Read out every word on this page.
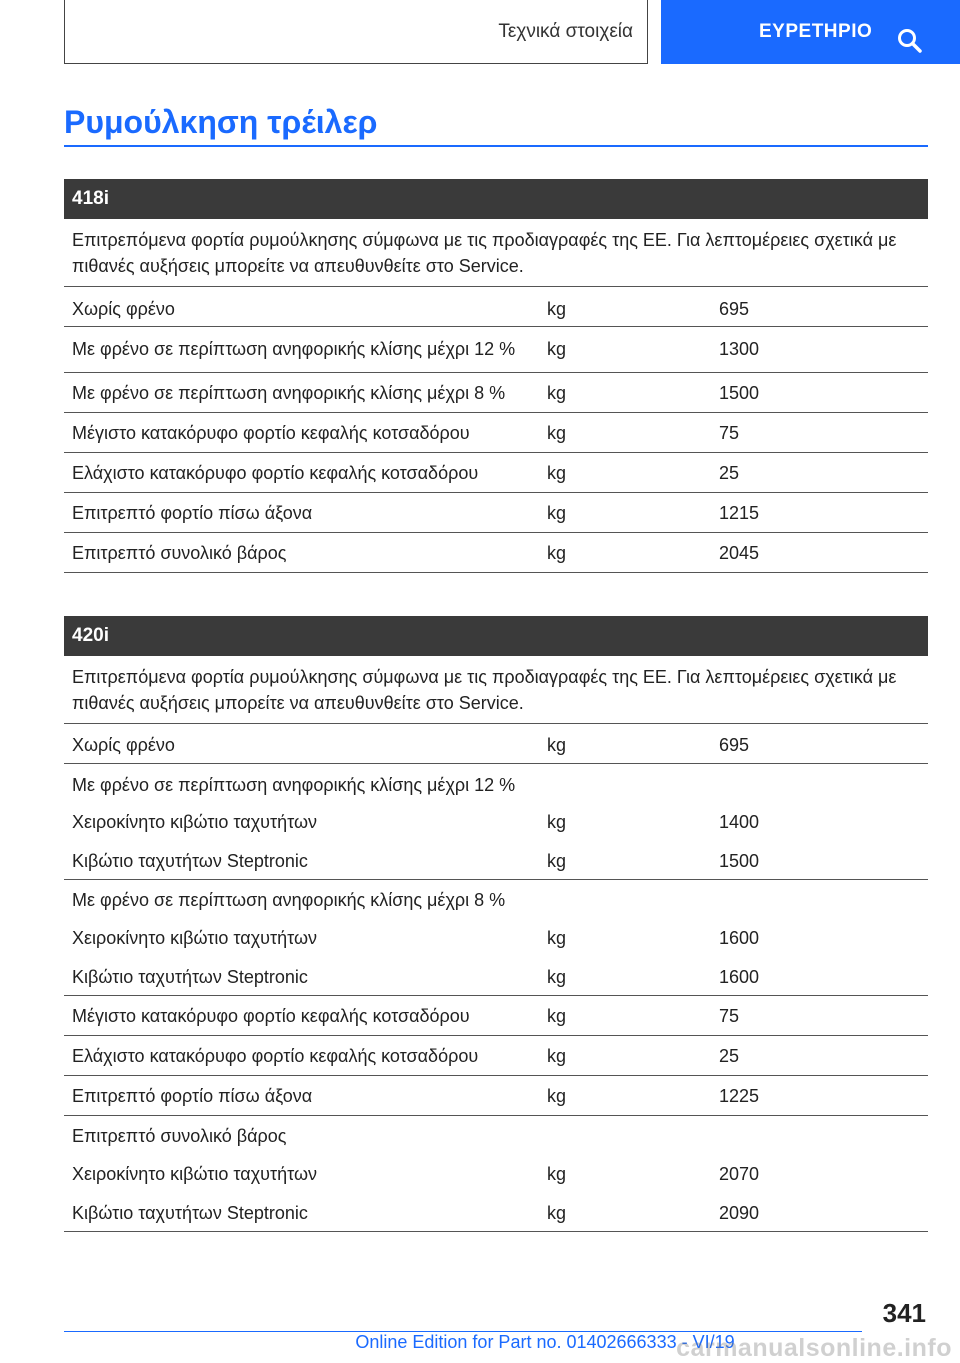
Τεχνικά στοιχεία	ΕΥΡΕΤΗΡΙΟ
Ρυμούλκηση τρέιλερ
418i
Επιτρεπόμενα φορτία ρυμούλκησης σύμφωνα με τις προδιαγραφές της ΕΕ. Για λεπτομέρειες σχετικά με πιθανές αυξήσεις μπορείτε να απευθυνθείτε στο Service.
Χωρίς φρένο	kg	695
Με φρένο σε περίπτωση ανηφορικής κλίσης μέχρι 12 %	kg	1300
Με φρένο σε περίπτωση ανηφορικής κλίσης μέχρι 8 %	kg	1500
Μέγιστο κατακόρυφο φορτίο κεφαλής κοτσαδόρου	kg	75
Ελάχιστο κατακόρυφο φορτίο κεφαλής κοτσαδόρου	kg	25
Επιτρεπτό φορτίο πίσω άξονα	kg	1215
Επιτρεπτό συνολικό βάρος	kg	2045
420i
Επιτρεπόμενα φορτία ρυμούλκησης σύμφωνα με τις προδιαγραφές της ΕΕ. Για λεπτομέρειες σχετικά με πιθανές αυξήσεις μπορείτε να απευθυνθείτε στο Service.
Χωρίς φρένο	kg	695
Με φρένο σε περίπτωση ανηφορικής κλίσης μέχρι 12 %
Χειροκίνητο κιβώτιο ταχυτήτων	kg	1400
Κιβώτιο ταχυτήτων Steptronic	kg	1500
Με φρένο σε περίπτωση ανηφορικής κλίσης μέχρι 8 %
Χειροκίνητο κιβώτιο ταχυτήτων	kg	1600
Κιβώτιο ταχυτήτων Steptronic	kg	1600
Μέγιστο κατακόρυφο φορτίο κεφαλής κοτσαδόρου	kg	75
Ελάχιστο κατακόρυφο φορτίο κεφαλής κοτσαδόρου	kg	25
Επιτρεπτό φορτίο πίσω άξονα	kg	1225
Επιτρεπτό συνολικό βάρος
Χειροκίνητο κιβώτιο ταχυτήτων	kg	2070
Κιβώτιο ταχυτήτων Steptronic	kg	2090
341
Online Edition for Part no. 01402666333 - VI/19
carmanualsonline.info
